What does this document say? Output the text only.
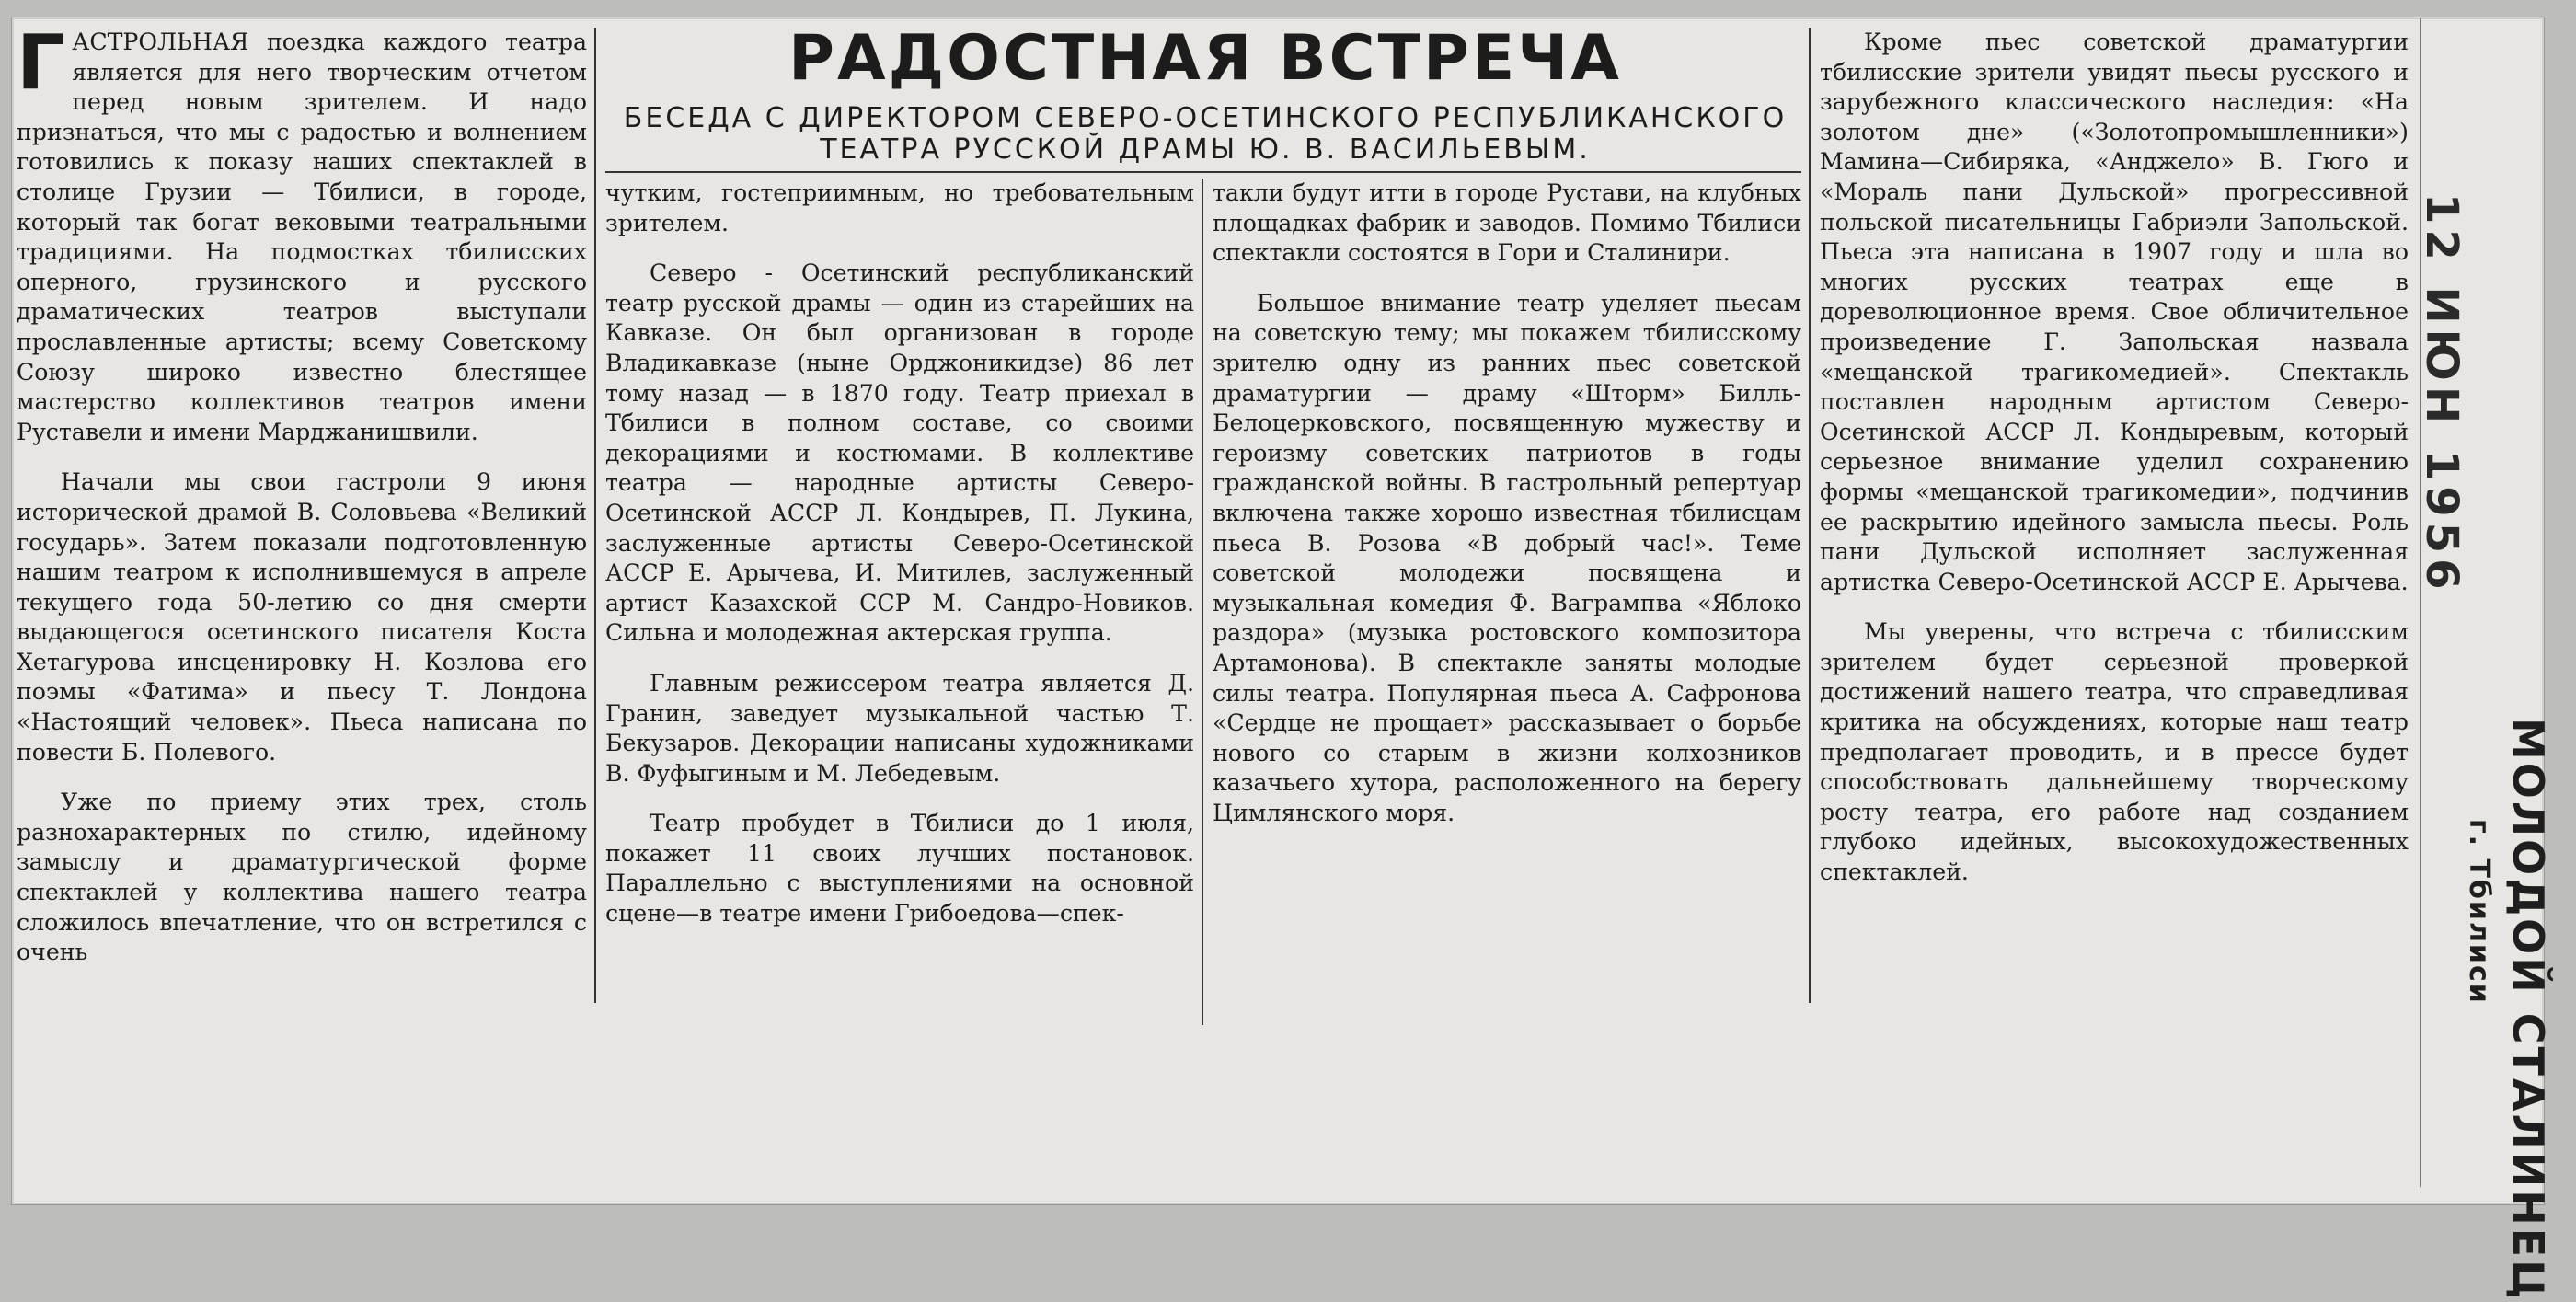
РАДОСТНАЯ ВСТРЕЧА
БЕСЕДА С ДИРЕКТОРОМ СЕВЕРО-ОСЕТИНСКОГО РЕСПУБЛИКАНСКОГО ТЕАТРА РУССКОЙ ДРАМЫ Ю. В. ВАСИЛЬЕВЫМ.

ГАСТРОЛЬНАЯ поездка каждого театра является для него творческим отчетом перед новым зрителем. И надо признаться, что мы с радостью и волнением готовились к показу наших спектаклей в столице Грузии — Тбилиси, в городе, который так богат вековыми театральными традициями. На подмостках тбилисских оперного, грузинского и русского драматических театров выступали прославленные артисты; всему Советскому Союзу широко известно блестящее мастерство коллективов театров имени Руставели и имени Марджанишвили.

Начали мы свои гастроли 9 июня исторической драмой В. Соловьева «Великий государь». Затем показали подготовленную нашим театром к исполнившемуся в апреле текущего года 50-летию со дня смерти выдающегося осетинского писателя Коста Хетагурова инсценировку Н. Козлова его поэмы «Фатима» и пьесу Т. Лондона «Настоящий человек». Пьеса написана по повести Б. Полевого.

Уже по приему этих трех, столь разнохарактерных по стилю, идейному замыслу и драматургической форме спектаклей у коллектива нашего театра сложилось впечатление, что он встретился с очень

чутким, гостеприимным, но требовательным зрителем.

Северо - Осетинский республиканский театр русской драмы — один из старейших на Кавказе. Он был организован в городе Владикавказе (ныне Орджоникидзе) 86 лет тому назад — в 1870 году. Театр приехал в Тбилиси в полном составе, со своими декорациями и костюмами. В коллективе театра — народные артисты Северо-Осетинской АССР Л. Кондырев, П. Лукина, заслуженные артисты Северо-Осетинской АССР Е. Арычева, И. Митилев, заслуженный артист Казахской ССР М. Сандро-Новиков. Сильна и молодежная актерская группа.

Главным режиссером театра является Д. Гранин, заведует музыкальной частью Т. Бекузаров. Декорации написаны художниками В. Фуфыгиным и М. Лебедевым.

Театр пробудет в Тбилиси до 1 июля, покажет 11 своих лучших постановок. Параллельно с выступлениями на основной сцене—в театре имени Грибоедова—спек-

такли будут итти в городе Рустави, на клубных площадках фабрик и заводов. Помимо Тбилиси спектакли состоятся в Гори и Сталинири.

Большое внимание театр уделяет пьесам на советскую тему; мы покажем тбилисскому зрителю одну из ранних пьес советской драматургии — драму «Шторм» Билль-Белоцерковского, посвященную мужеству и героизму советских патриотов в годы гражданской войны. В гастрольный репертуар включена также хорошо известная тбилисцам пьеса В. Розова «В добрый час!». Теме советской молодежи посвящена и музыкальная комедия Ф. Вагрампва «Яблоко раздора» (музыка ростовского композитора Артамонова). В спектакле заняты молодые силы театра. Популярная пьеса А. Сафронова «Сердце не прощает» рассказывает о борьбе нового со старым в жизни колхозников казачьего хутора, расположенного на берегу Цимлянского моря.

Кроме пьес советской драматургии тбилисские зрители увидят пьесы русского и зарубежного классического наследия: «На золотом дне» («Золотопромышленники») Мамина—Сибиряка, «Анджело» В. Гюго и «Мораль пани Дульской» прогрессивной польской писательницы Габриэли Запольской. Пьеса эта написана в 1907 году и шла во многих русских театрах еще в дореволюционное время. Свое обличительное произведение Г. Запольская назвала «мещанской трагикомедией». Спектакль поставлен народным артистом Северо-Осетинской АССР Л. Кондыревым, который серьезное внимание уделил сохранению формы «мещанской трагикомедии», подчинив ее раскрытию идейного замысла пьесы. Роль пани Дульской исполняет заслуженная артистка Северо-Осетинской АССР Е. Арычева.

Мы уверены, что встреча с тбилисским зрителем будет серьезной проверкой достижений нашего театра, что справедливая критика на обсуждениях, которые наш театр предполагает проводить, и в прессе будет способствовать дальнейшему творческому росту театра, его работе над созданием глубоко идейных, высокохудожественных спектаклей.

12 ИЮН 1956
МОЛОДОЙ СТАЛИНЕЦ
г. Тбилиси
